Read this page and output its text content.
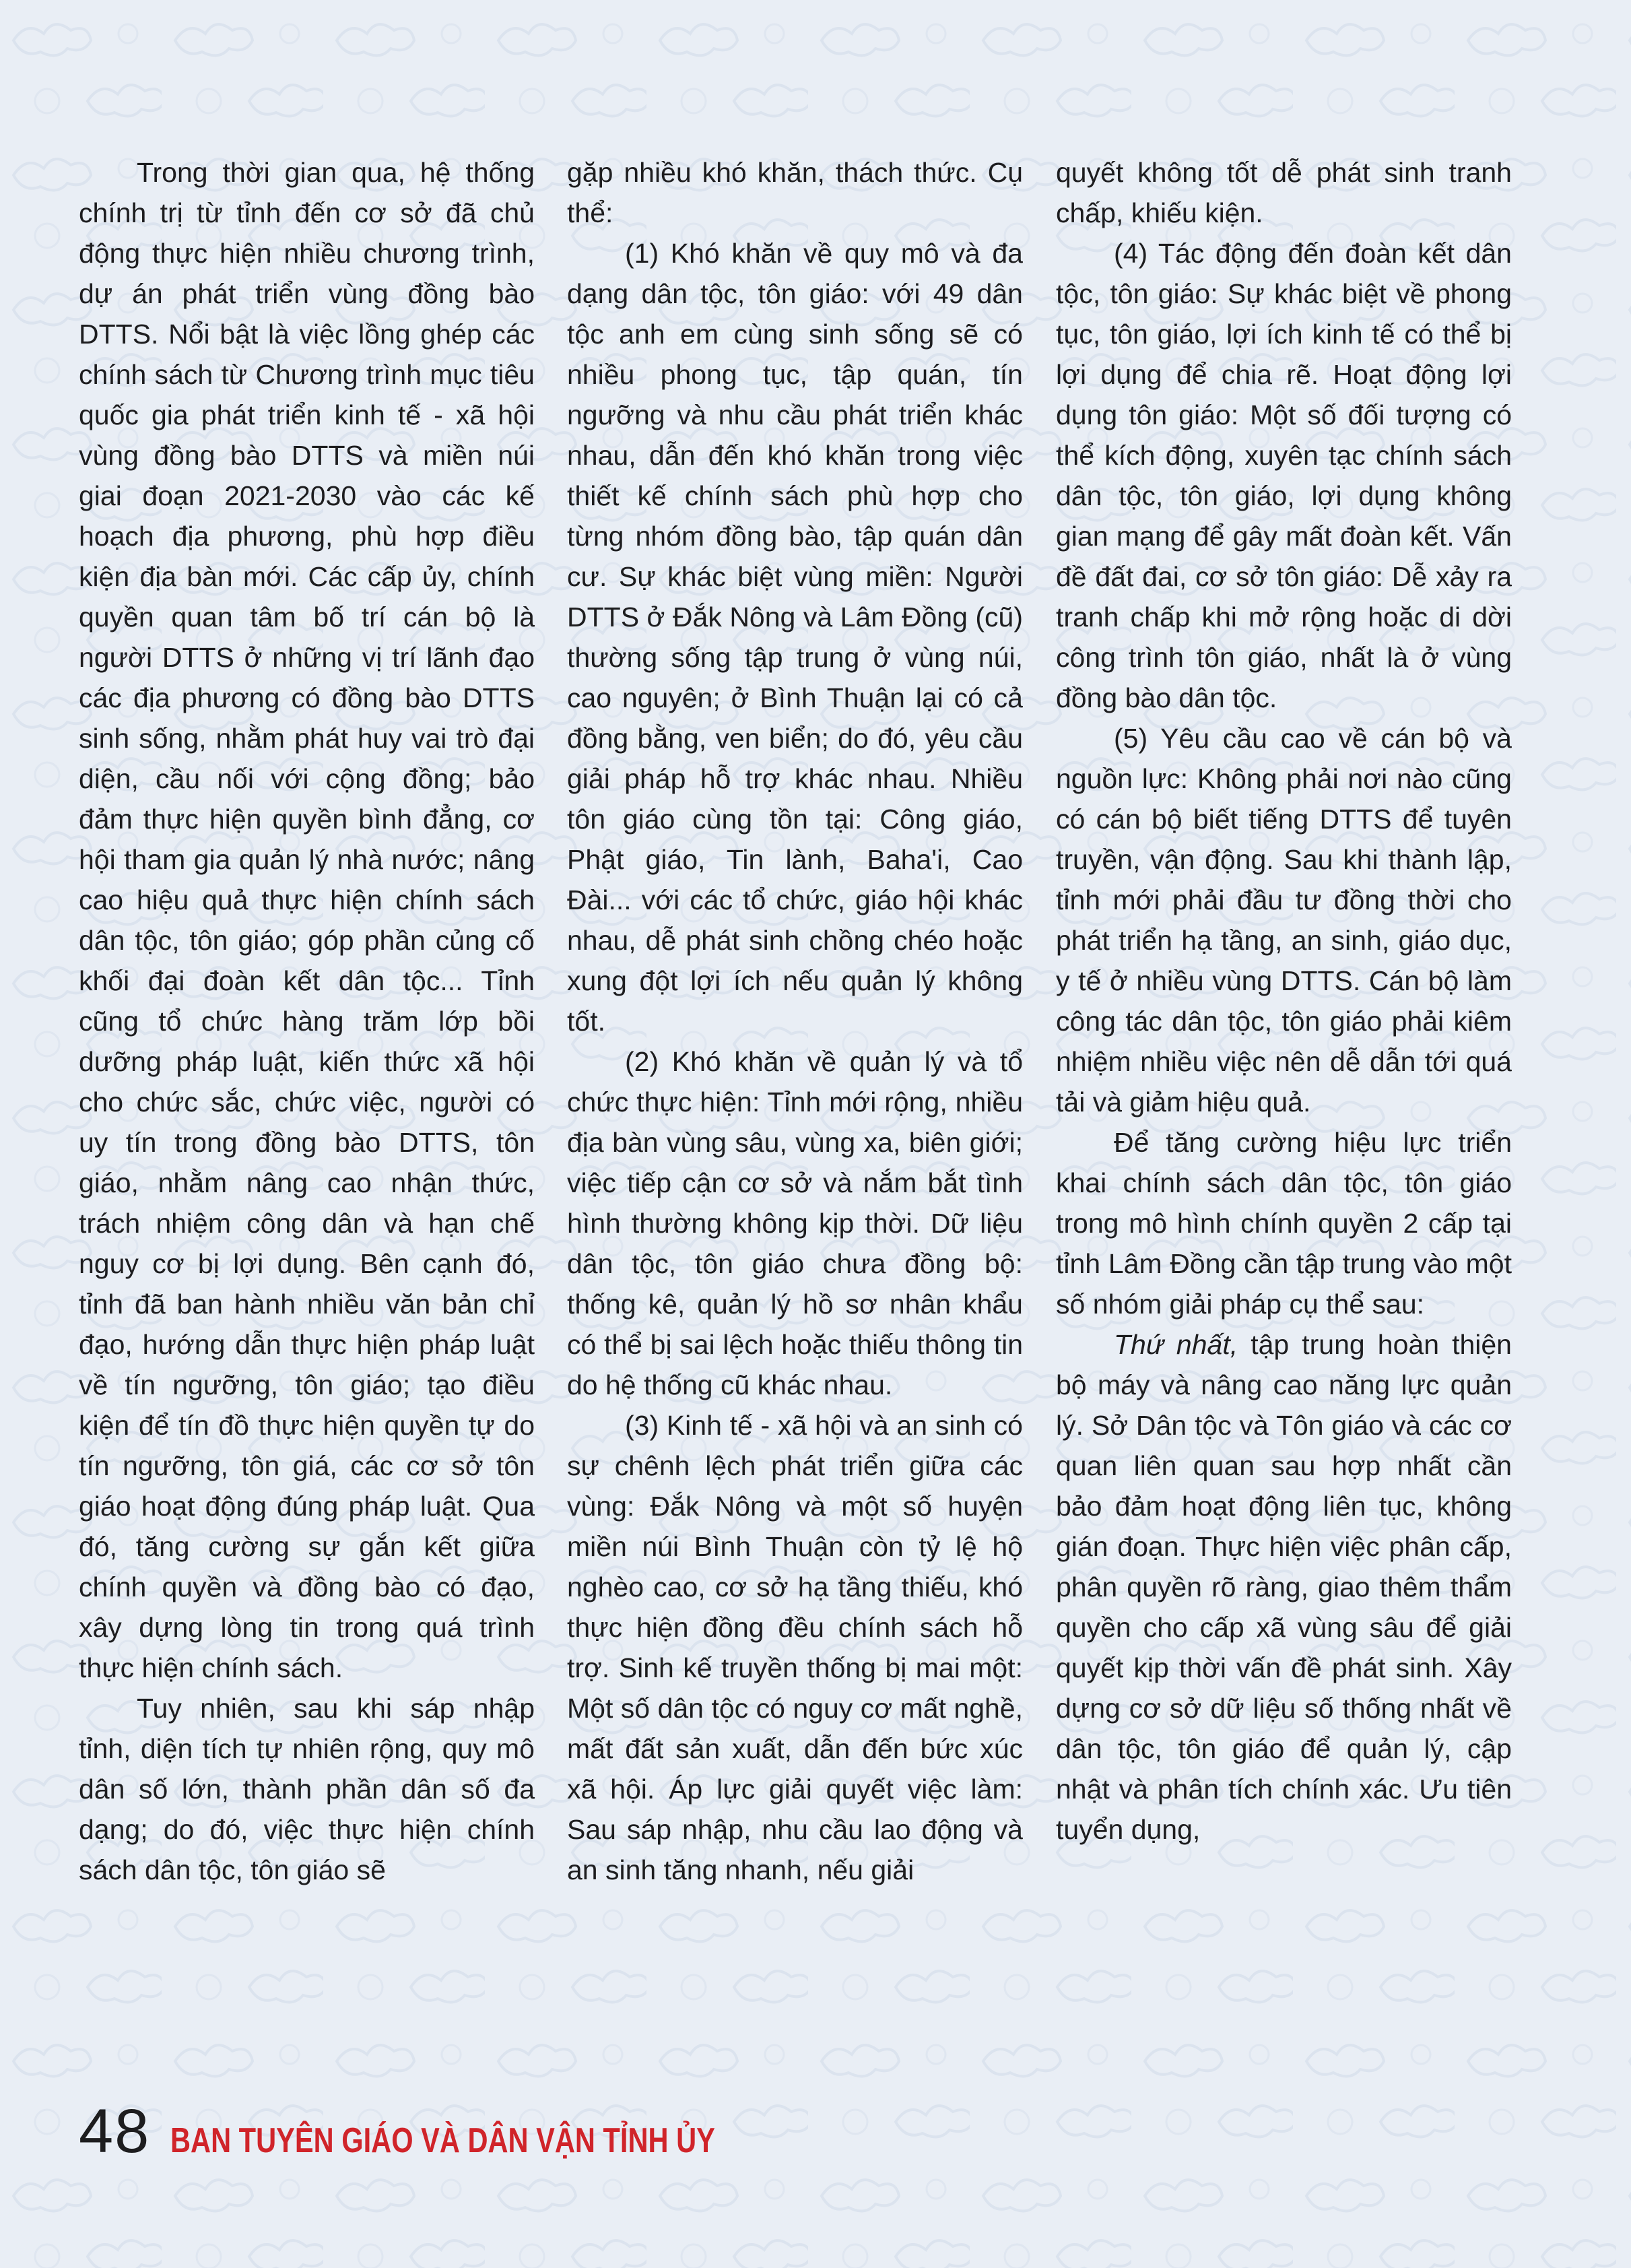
Trong thời gian qua, hệ thống chính trị từ tỉnh đến cơ sở đã chủ động thực hiện nhiều chương trình, dự án phát triển vùng đồng bào DTTS. Nổi bật là việc lồng ghép các chính sách từ Chương trình mục tiêu quốc gia phát triển kinh tế - xã hội vùng đồng bào DTTS và miền núi giai đoạn 2021-2030 vào các kế hoạch địa phương, phù hợp điều kiện địa bàn mới. Các cấp ủy, chính quyền quan tâm bố trí cán bộ là người DTTS ở những vị trí lãnh đạo các địa phương có đồng bào DTTS sinh sống, nhằm phát huy vai trò đại diện, cầu nối với cộng đồng; bảo đảm thực hiện quyền bình đẳng, cơ hội tham gia quản lý nhà nước; nâng cao hiệu quả thực hiện chính sách dân tộc, tôn giáo; góp phần củng cố khối đại đoàn kết dân tộc... Tỉnh cũng tổ chức hàng trăm lớp bồi dưỡng pháp luật, kiến thức xã hội cho chức sắc, chức việc, người có uy tín trong đồng bào DTTS, tôn giáo, nhằm nâng cao nhận thức, trách nhiệm công dân và hạn chế nguy cơ bị lợi dụng. Bên cạnh đó, tỉnh đã ban hành nhiều văn bản chỉ đạo, hướng dẫn thực hiện pháp luật về tín ngưỡng, tôn giáo; tạo điều kiện để tín đồ thực hiện quyền tự do tín ngưỡng, tôn giá, các cơ sở tôn giáo hoạt động đúng pháp luật. Qua đó, tăng cường sự gắn kết giữa chính quyền và đồng bào có đạo, xây dựng lòng tin trong quá trình thực hiện chính sách.

Tuy nhiên, sau khi sáp nhập tỉnh, diện tích tự nhiên rộng, quy mô dân số lớn, thành phần dân số đa dạng; do đó, việc thực hiện chính sách dân tộc, tôn giáo sẽ

gặp nhiều khó khăn, thách thức. Cụ thể:

(1) Khó khăn về quy mô và đa dạng dân tộc, tôn giáo: với 49 dân tộc anh em cùng sinh sống sẽ có nhiều phong tục, tập quán, tín ngưỡng và nhu cầu phát triển khác nhau, dẫn đến khó khăn trong việc thiết kế chính sách phù hợp cho từng nhóm đồng bào, tập quán dân cư. Sự khác biệt vùng miền: Người DTTS ở Đắk Nông và Lâm Đồng (cũ) thường sống tập trung ở vùng núi, cao nguyên; ở Bình Thuận lại có cả đồng bằng, ven biển; do đó, yêu cầu giải pháp hỗ trợ khác nhau. Nhiều tôn giáo cùng tồn tại: Công giáo, Phật giáo, Tin lành, Baha'i, Cao Đài... với các tổ chức, giáo hội khác nhau, dễ phát sinh chồng chéo hoặc xung đột lợi ích nếu quản lý không tốt.

(2) Khó khăn về quản lý và tổ chức thực hiện: Tỉnh mới rộng, nhiều địa bàn vùng sâu, vùng xa, biên giới; việc tiếp cận cơ sở và nắm bắt tình hình thường không kịp thời. Dữ liệu dân tộc, tôn giáo chưa đồng bộ: thống kê, quản lý hồ sơ nhân khẩu có thể bị sai lệch hoặc thiếu thông tin do hệ thống cũ khác nhau.

(3) Kinh tế - xã hội và an sinh có sự chênh lệch phát triển giữa các vùng: Đắk Nông và một số huyện miền núi Bình Thuận còn tỷ lệ hộ nghèo cao, cơ sở hạ tầng thiếu, khó thực hiện đồng đều chính sách hỗ trợ. Sinh kế truyền thống bị mai một: Một số dân tộc có nguy cơ mất nghề, mất đất sản xuất, dẫn đến bức xúc xã hội. Áp lực giải quyết việc làm: Sau sáp nhập, nhu cầu lao động và an sinh tăng nhanh, nếu giải

quyết không tốt dễ phát sinh tranh chấp, khiếu kiện.

(4) Tác động đến đoàn kết dân tộc, tôn giáo: Sự khác biệt về phong tục, tôn giáo, lợi ích kinh tế có thể bị lợi dụng để chia rẽ. Hoạt động lợi dụng tôn giáo: Một số đối tượng có thể kích động, xuyên tạc chính sách dân tộc, tôn giáo, lợi dụng không gian mạng để gây mất đoàn kết. Vấn đề đất đai, cơ sở tôn giáo: Dễ xảy ra tranh chấp khi mở rộng hoặc di dời công trình tôn giáo, nhất là ở vùng đồng bào dân tộc.

(5) Yêu cầu cao về cán bộ và nguồn lực: Không phải nơi nào cũng có cán bộ biết tiếng DTTS để tuyên truyền, vận động. Sau khi thành lập, tỉnh mới phải đầu tư đồng thời cho phát triển hạ tầng, an sinh, giáo dục, y tế ở nhiều vùng DTTS. Cán bộ làm công tác dân tộc, tôn giáo phải kiêm nhiệm nhiều việc nên dễ dẫn tới quá tải và giảm hiệu quả.

Để tăng cường hiệu lực triển khai chính sách dân tộc, tôn giáo trong mô hình chính quyền 2 cấp tại tỉnh Lâm Đồng cần tập trung vào một số nhóm giải pháp cụ thể sau:

Thứ nhất, tập trung hoàn thiện bộ máy và nâng cao năng lực quản lý. Sở Dân tộc và Tôn giáo và các cơ quan liên quan sau hợp nhất cần bảo đảm hoạt động liên tục, không gián đoạn. Thực hiện việc phân cấp, phân quyền rõ ràng, giao thêm thẩm quyền cho cấp xã vùng sâu để giải quyết kịp thời vấn đề phát sinh. Xây dựng cơ sở dữ liệu số thống nhất về dân tộc, tôn giáo để quản lý, cập nhật và phân tích chính xác. Ưu tiên tuyển dụng,

48 BAN TUYÊN GIÁO VÀ DÂN VẬN TỈNH ỦY
